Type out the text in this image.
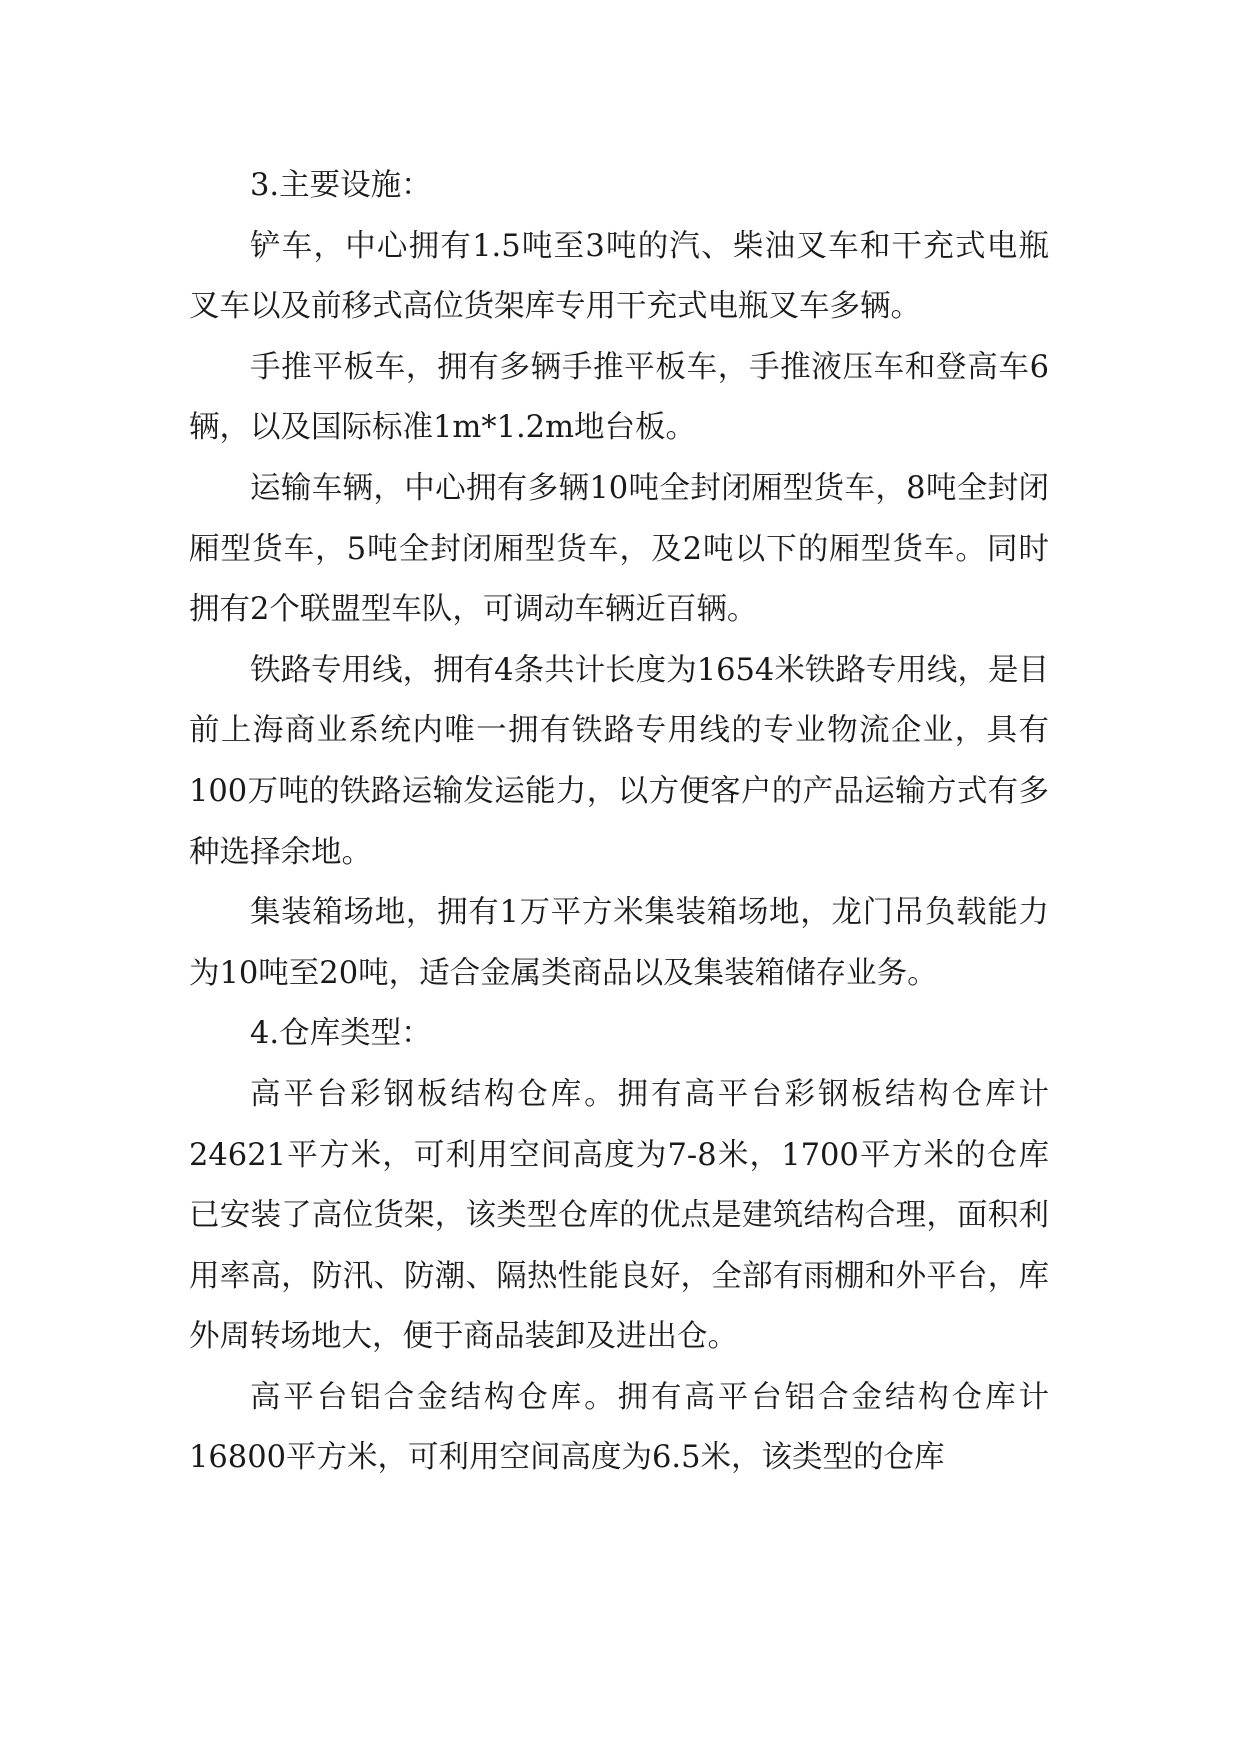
3.主要设施：

铲车，中心拥有1.5吨至3吨的汽、柴油叉车和干充式电瓶叉车以及前移式高位货架库专用干充式电瓶叉车多辆。

手推平板车，拥有多辆手推平板车，手推液压车和登高车6辆，以及国际标准1m*1.2m地台板。

运输车辆，中心拥有多辆10吨全封闭厢型货车，8吨全封闭厢型货车，5吨全封闭厢型货车，及2吨以下的厢型货车。同时拥有2个联盟型车队，可调动车辆近百辆。

铁路专用线，拥有4条共计长度为1654米铁路专用线，是目前上海商业系统内唯一拥有铁路专用线的专业物流企业，具有100万吨的铁路运输发运能力，以方便客户的产品运输方式有多种选择余地。

集装箱场地，拥有1万平方米集装箱场地，龙门吊负载能力为10吨至20吨，适合金属类商品以及集装箱储存业务。

4.仓库类型：

高平台彩钢板结构仓库。拥有高平台彩钢板结构仓库计24621平方米，可利用空间高度为7-8米，1700平方米的仓库已安装了高位货架，该类型仓库的优点是建筑结构合理，面积利用率高，防汛、防潮、隔热性能良好，全部有雨棚和外平台，库外周转场地大，便于商品装卸及进出仓。

高平台铝合金结构仓库。拥有高平台铝合金结构仓库计16800平方米，可利用空间高度为6.5米，该类型的仓库
